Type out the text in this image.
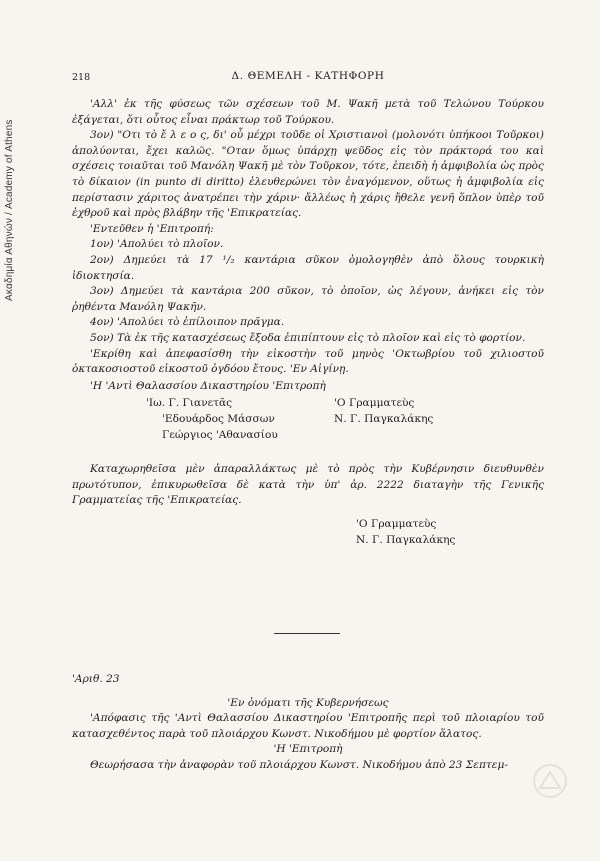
Ακαδημία Αθηνών / Academy of Athens
218	Δ. ΘΕΜΕΛΗ - ΚΑΤΗΦΟΡΗ

'Αλλ' ἐκ τῆς φύσεως τῶν σχέσεων τοῦ Μ. Ψακῆ μετὰ τοῦ Τελώνου Τούρκου ἐξάγεται, ὅτι οὗτος εἶναι πράκτωρ τοῦ Τούρκου.

3ον) "Οτι τὸ ἔ λ ε ο ς, δι' οὗ μέχρι τοῦδε οἱ Χριστιανοὶ (μολονότι ὑπήκοοι Τοῦρκοι) ἀπολύονται, ἔχει καλῶς. "Οταν ὅμως ὑπάρχῃ ψεῦδος εἰς τὸν πράκτορά του καὶ σχέσεις τοιαῦται τοῦ Μανόλη Ψακῆ μὲ τὸν Τοῦρκον, τότε, ἐπειδὴ ἡ ἀμφιβολία ὡς πρὸς τὸ δίκαιον (in punto di diritto) ἐλευθερώνει τὸν ἐναγόμενον, οὕτως ἡ ἀμφιβολία εἰς περίστασιν χάριτος ἀνατρέπει τὴν χάριν· ἄλλέως ἡ χάρις ἤθελε γενῆ ὅπλον ὑπὲρ τοῦ ἐχθροῦ καὶ πρὸς βλάβην τῆς 'Επικρατείας.

'Εντεῦθεν ἡ 'Επιτροπή:

1ον) 'Απολύει τὸ πλοῖον.

2ον) Δημεύει τὰ 17 ¹/₂ καντάρια σῦκον ὁμολογηθὲν ἀπὸ ὅλους τουρκικὴ ἰδιοκτησία.

3ον) Δημεύει τὰ καντάρια 200 σῦκον, τὸ ὁποῖον, ὡς λέγουν, ἀνήκει εἰς τὸν ῥηθέντα Μανόλη Ψακῆν.

4ον) 'Απολύει τὸ ἐπίλοιπον πρᾶγμα.

5ον) Τὰ ἐκ τῆς κατασχέσεως ἔξοδα ἐπιπίπτουν εἰς τὸ πλοῖον καὶ εἰς τὸ φορτίον.

'Εκρίθη καὶ ἀπεφασίσθη τὴν εἰκοστὴν τοῦ μηνὸς 'Οκτωβρίου τοῦ χιλιοστοῦ ὀκτακοσιοστοῦ εἰκοστοῦ ὀγδόου ἔτους. 'Εν Αἰγίνῃ.

'Η 'Αντὶ Θαλασσίου Δικαστηρίου 'Επιτροπὴ

'Ιω. Γ. Γιανετᾶς	'Ο Γραμματεὺς
'Εδουάρδος Μάσσων	Ν. Γ. Παγκαλάκης
Γεώργιος 'Αθανασίου

Καταχωρηθεῖσα μὲν ἀπαραλλάκτως μὲ τὸ πρὸς τὴν Κυβέρνησιν διευθυνθὲν πρωτότυπον, ἐπικυρωθεῖσα δὲ κατὰ τὴν ὑπ' ἀρ. 2222 διαταγὴν τῆς Γενικῆς Γραμματείας τῆς 'Επικρατείας.

'Ο Γραμματεὺς
Ν. Γ. Παγκαλάκης

'Αριθ. 23

'Εν ὀνόματι τῆς Κυβερνήσεως

'Απόφασις τῆς 'Αντὶ Θαλασσίου Δικαστηρίου 'Επιτροπῆς περὶ τοῦ πλοιαρίου τοῦ κατασχεθέντος παρὰ τοῦ πλοιάρχου Κωνστ. Νικοδήμου μὲ φορτίον ἅλατος.

'Η 'Επιτροπὴ

Θεωρήσασα τὴν ἀναφορὰν τοῦ πλοιάρχου Κωνστ. Νικοδήμου ἀπὸ 23 Σεπτεμ-
